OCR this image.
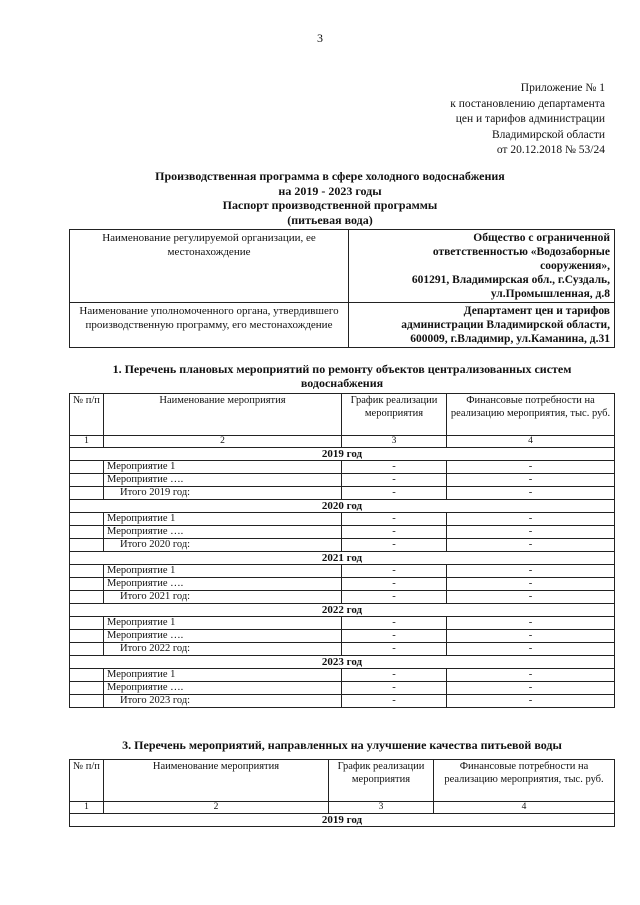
3
Приложение № 1
к постановлению департамента
цен и тарифов администрации
Владимирской области
от 20.12.2018 № 53/24
Производственная программа в сфере холодного водоснабжения
на 2019 - 2023 годы
Паспорт производственной программы
(питьевая вода)
Наименование регулируемой организации, ее местонахождение	Общество с ограниченной
ответственностью «Водозаборные
сооружения»,
601291, Владимирская обл., г.Суздаль,
ул.Промышленная, д.8

Наименование уполномоченного органа, утвердившего производственную программу, его местонахождение	Департамент цен и тарифов
администрации Владимирской области,
600009, г.Владимир, ул.Каманина, д.31
1. Перечень плановых мероприятий по ремонту объектов централизованных систем
водоснабжения
№ п/п	Наименование мероприятия	График реализации мероприятия	Финансовые потребности на реализацию мероприятия, тыс. руб.
1	2	3	4
2019 год			
	Мероприятие 1	-	-
	Мероприятие ….	-	-
	Итого 2019 год:	-	-
2020 год			
	Мероприятие 1	-	-
	Мероприятие ….	-	-
	Итого 2020 год:	-	-
2021 год			
	Мероприятие 1	-	-
	Мероприятие ….	-	-
	Итого 2021 год:	-	-
2022 год			
	Мероприятие 1	-	-
	Мероприятие ….	-	-
	Итого 2022 год:	-	-
2023 год			
	Мероприятие 1	-	-
	Мероприятие ….	-	-
	Итого 2023 год:	-	-
3. Перечень мероприятий, направленных на улучшение качества питьевой воды
№ п/п	Наименование мероприятия	График реализации мероприятия	Финансовые потребности на реализацию мероприятия, тыс. руб.
1	2	3	4
2019 год			
